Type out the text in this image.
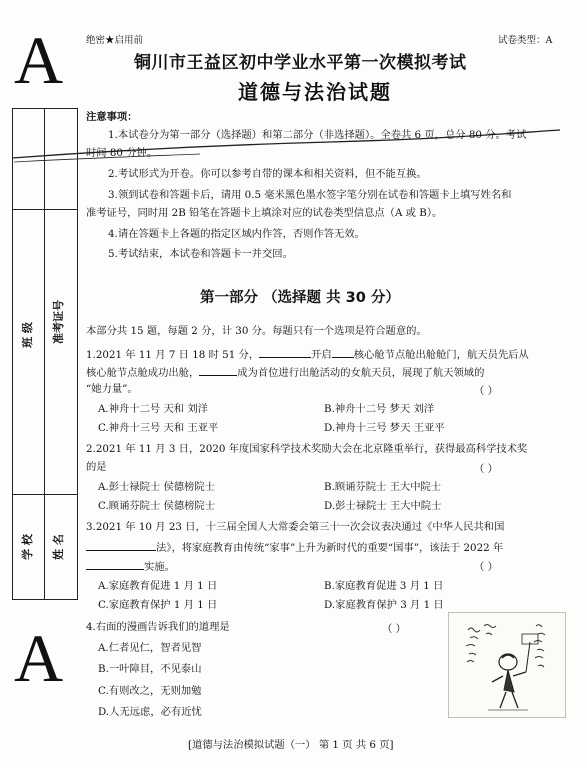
A
A
绝密★启用前	试卷类型：A
铜川市王益区初中学业水平第一次模拟考试
道德与法治试题
班 级 准考证号
学 校 姓 名
注意事项：
1.本试卷分为第一部分（选择题）和第二部分（非选择题）。全卷共 6 页，总分 80 分。考试
时间 80 分钟。
2.考试形式为开卷。你可以参考自带的课本和相关资料，但不能互换。
3.领到试卷和答题卡后，请用 0.5 毫米黑色墨水签字笔分别在试卷和答题卡上填写姓名和
准考证号，同时用 2B 铅笔在答题卡上填涂对应的试卷类型信息点（A 或 B）。
4.请在答题卡上各题的指定区域内作答，否则作答无效。
5.考试结束，本试卷和答题卡一并交回。
第一部分 （选择题 共 30 分）
本部分共 15 题，每题 2 分，计 30 分。每题只有一个选项是符合题意的。
1.2021 年 11 月 7 日 18 时 51 分，	开启 核心舱节点舱出舱舱门，航天员先后从
核心舱节点舱成功出舱，	成为首位进行出舱活动的女航天员，展现了航天领域的
“她力量”。	（ ）
A.神舟十二号 天和 刘洋	B.神舟十二号 梦天 刘洋
C.神舟十三号 天和 王亚平	D.神舟十三号 梦天 王亚平
2.2021 年 11 月 3 日，2020 年度国家科学技术奖励大会在北京隆重举行，获得最高科学技术奖
的是	（ ）
A.彭士禄院士 侯德榜院士	B.顾诵芬院士 王大中院士
C.顾诵芬院士 侯德榜院士	D.彭士禄院士 王大中院士
3.2021 年 10 月 23 日，十三届全国人大常委会第三十一次会议表决通过《中华人民共和国
法》，将家庭教育由传统“家事”上升为新时代的重要“国事”，该法于 2022 年
实施。	（ ）
A.家庭教育促进 1 月 1 日	B.家庭教育促进 3 月 1 日
C.家庭教育保护 1 月 1 日	D.家庭教育保护 3 月 1 日
4.右面的漫画告诉我们的道理是	（ ）
A.仁者见仁，智者见智
B.一叶障目，不见泰山
C.有则改之，无则加勉
D.人无远虑，必有近忧
[道德与法治模拟试题（一） 第 1 页 共 6 页]
